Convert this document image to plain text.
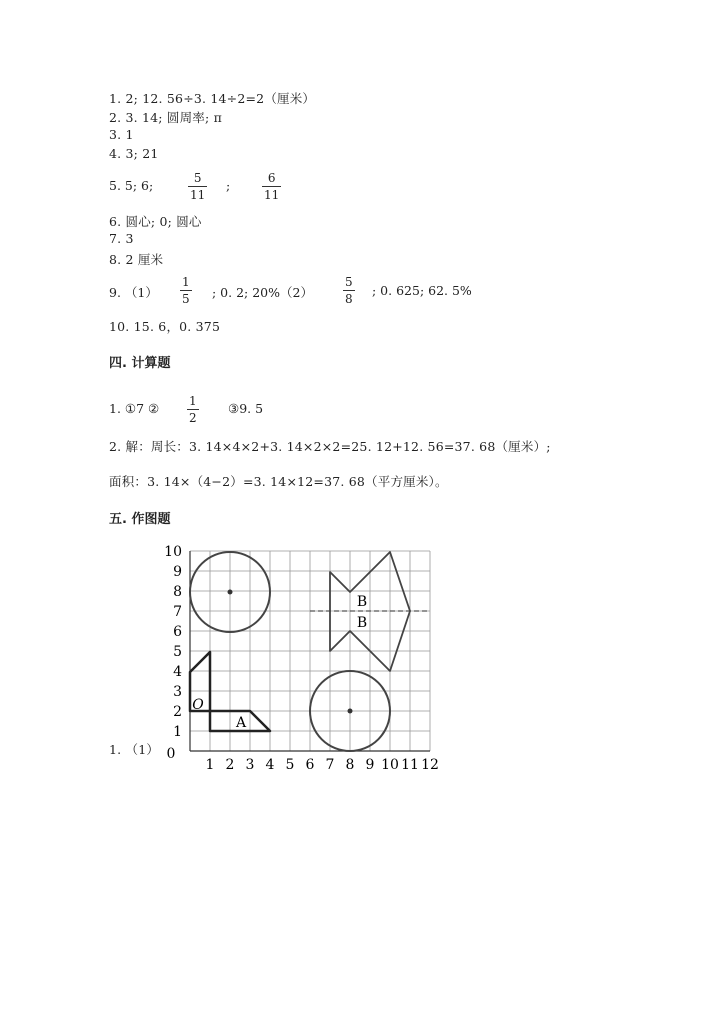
1. 2; 12. 56÷3. 14÷2=2（厘米）
2. 3. 14; 圆周率; π
3. 1
4. 3; 21
5. 5; 6;	$\frac{5}{11}$ ;	$\frac{6}{11}$
6. 圆心; 0; 圆心
7. 3
8. 2 厘米
9. $(1) \frac{1}{5}$ ; 0. 2; 20%（2）	$\frac{5}{8}$ ; 0. 625; 62. 5%
10. 15. 6，0. 375
四. 计算题
1. ①7 ② $\frac{1}{2}$ ③9. 5
2. 解：周长：3. 14×4×2+3. 14×2×2=25. 12+12. 56=37. 68（厘米）;
面积：3. 14×（4−2）=3. 14×12=37. 68（平方厘米）。
五. 作图题
1. （1）
1 2 3 4 5 6 7 8 9 10 11 12
1
2
3
4
5
6
7
8
9
10
0
O
A
B
B
